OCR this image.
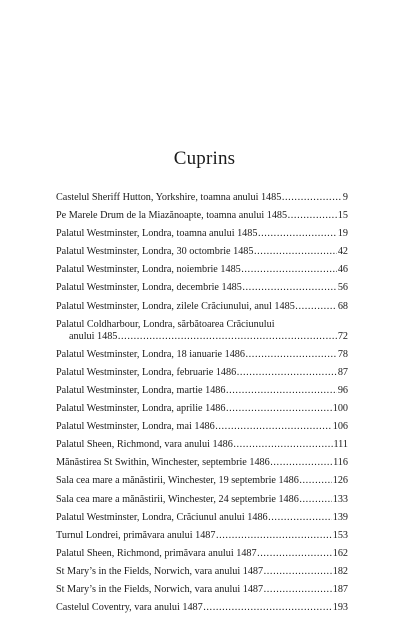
Cuprins
Castelul Sheriff Hutton, Yorkshire, toamna anului 1485 .....	9
Pe Marele Drum de la Miazănoapte, toamna anului 1485 .....	15
Palatul Westminster, Londra, toamna anului 1485 .....	19
Palatul Westminster, Londra, 30 octombrie 1485 .....	42
Palatul Westminster, Londra, noiembrie 1485 .....	46
Palatul Westminster, Londra, decembrie 1485 .....	56
Palatul Westminster, Londra, zilele Crăciunului, anul 1485 .....	68
Palatul Coldharbour, Londra, sărbătoarea Crăciunului
anului 1485 .....	72
Palatul Westminster, Londra, 18 ianuarie 1486 .....	78
Palatul Westminster, Londra, februarie 1486 .....	87
Palatul Westminster, Londra, martie 1486 .....	96
Palatul Westminster, Londra, aprilie 1486 .....	100
Palatul Westminster, Londra, mai 1486 .....	106
Palatul Sheen, Richmond, vara anului 1486 .....	111
Mănăstirea St Swithin, Winchester, septembrie 1486 .....	116
Sala cea mare a mănăstirii, Winchester, 19 septembrie 1486 .....	126
Sala cea mare a mănăstirii, Winchester, 24 septembrie 1486 .....	133
Palatul Westminster, Londra, Crăciunul anului 1486 .....	139
Turnul Londrei, primăvara anului 1487 .....	153
Palatul Sheen, Richmond, primăvara anului 1487 .....	162
St Mary’s in the Fields, Norwich, vara anului 1487 .....	182
St Mary’s in the Fields, Norwich, vara anului 1487 .....	187
Castelul Coventry, vara anului 1487 .....	193
